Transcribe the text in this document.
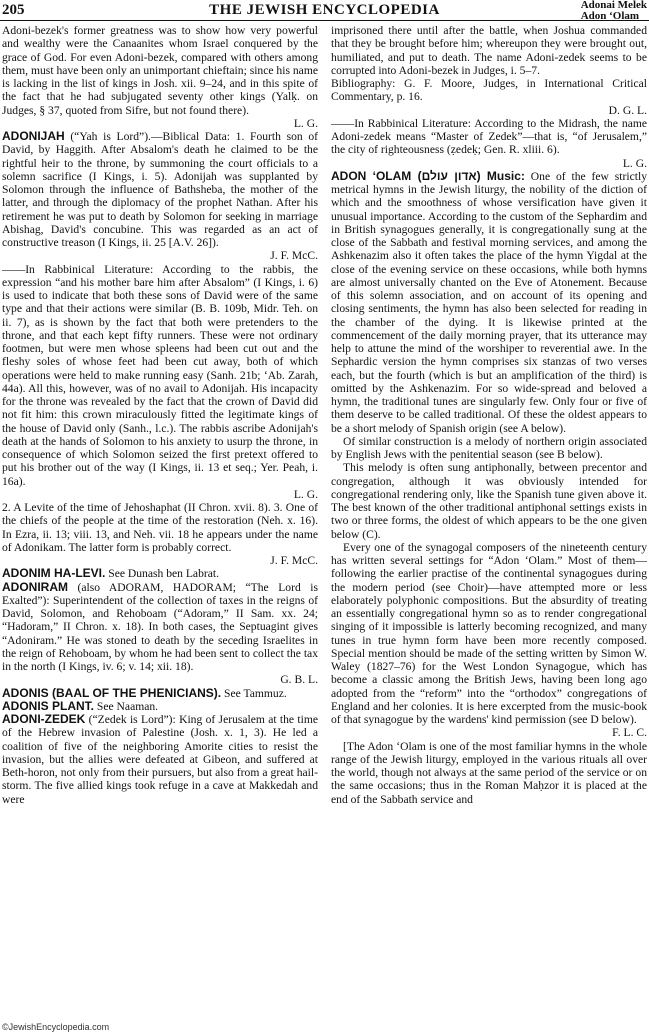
205	THE JEWISH ENCYCLOPEDIA	Adonai Melek
Adon ‘Olam

Adoni-bezek's former greatness was to show how very powerful and wealthy were the Canaanites whom Israel conquered by the grace of God. For even Adoni-bezek, compared with others among them, must have been only an unimportant chieftain; since his name is lacking in the list of kings in Josh. xii. 9–24, and in this spite of the fact that he had subjugated seventy other kings (Yalḳ. on Judges, § 37, quoted from Sifre, but not found there).

L. G.

ADONIJAH (“Yah is Lord”).—Biblical Data: 1. Fourth son of David, by Haggith. After Absalom's death he claimed to be the rightful heir to the throne, by summoning the court officials to a solemn sacrifice (I Kings, i. 5). Adonijah was supplanted by Solomon through the influence of Bathsheba, the mother of the latter, and through the diplomacy of the prophet Nathan. After his retirement he was put to death by Solomon for seeking in marriage Abishag, David's concubine. This was regarded as an act of constructive treason (I Kings, ii. 25 [A.V. 26]).

J. F. McC.

——In Rabbinical Literature: According to the rabbis, the expression “and his mother bare him after Absalom” (I Kings, i. 6) is used to indicate that both these sons of David were of the same type and that their actions were similar (B. B. 109b, Midr. Teh. on ii. 7), as is shown by the fact that both were pretenders to the throne, and that each kept fifty runners. These were not ordinary footmen, but were men whose spleens had been cut out and the fleshy soles of whose feet had been cut away, both of which operations were held to make running easy (Sanh. 21b; ‘Ab. Zarah, 44a). All this, however, was of no avail to Adonijah. His incapacity for the throne was revealed by the fact that the crown of David did not fit him: this crown miraculously fitted the legitimate kings of the house of David only (Sanh., l.c.). The rabbis ascribe Adonijah's death at the hands of Solomon to his anxiety to usurp the throne, in consequence of which Solomon seized the first pretext offered to put his brother out of the way (I Kings, ii. 13 et seq.; Yer. Peah, i. 16a).

L. G.

2. A Levite of the time of Jehoshaphat (II Chron. xvii. 8). 3. One of the chiefs of the people at the time of the restoration (Neh. x. 16). In Ezra, ii. 13; viii. 13, and Neh. vii. 18 he appears under the name of Adonikam. The latter form is probably correct.

J. F. McC.

ADONIM HA-LEVI. See Dunash ben Labrat.

ADONIRAM (also ADORAM, HADORAM; “The Lord is Exalted”): Superintendent of the collection of taxes in the reigns of David, Solomon, and Rehoboam (“Adoram,” II Sam. xx. 24; “Hadoram,” II Chron. x. 18). In both cases, the Septuagint gives “Adoniram.” He was stoned to death by the seceding Israelites in the reign of Rehoboam, by whom he had been sent to collect the tax in the north (I Kings, iv. 6; v. 14; xii. 18).

G. B. L.

ADONIS (BAAL OF THE PHENICIANS). See Tammuz.

ADONIS PLANT. See Naaman.

ADONI-ZEDEK (“Zedek is Lord”): King of Jerusalem at the time of the Hebrew invasion of Palestine (Josh. x. 1, 3). He led a coalition of five of the neighboring Amorite cities to resist the invasion, but the allies were defeated at Gibeon, and suffered at Beth-horon, not only from their pursuers, but also from a great hail-storm. The five allied kings took refuge in a cave at Makkedah and were

imprisoned there until after the battle, when Joshua commanded that they be brought before him; whereupon they were brought out, humiliated, and put to death. The name Adoni-zedek seems to be corrupted into Adoni-bezek in Judges, i. 5–7.

Bibliography: G. F. Moore, Judges, in International Critical Commentary, p. 16.

D. G. L.

——In Rabbinical Literature: According to the Midrash, the name Adoni-zedek means “Master of Zedek”—that is, “of Jerusalem,” the city of righteousness (ẓedeḳ; Gen. R. xliii. 6).

L. G.

ADON ‘OLAM (אדון עולם) Music: One of the few strictly metrical hymns in the Jewish liturgy, the nobility of the diction of which and the smoothness of whose versification have given it unusual importance. According to the custom of the Sephardim and in British synagogues generally, it is congregationally sung at the close of the Sabbath and festival morning services, and among the Ashkenazim also it often takes the place of the hymn Yigdal at the close of the evening service on these occasions, while both hymns are almost universally chanted on the Eve of Atonement. Because of this solemn association, and on account of its opening and closing sentiments, the hymn has also been selected for reading in the chamber of the dying. It is likewise printed at the commencement of the daily morning prayer, that its utterance may help to attune the mind of the worshiper to reverential awe. In the Sephardic version the hymn comprises six stanzas of two verses each, but the fourth (which is but an amplification of the third) is omitted by the Ashkenazim. For so wide-spread and beloved a hymn, the traditional tunes are singularly few. Only four or five of them deserve to be called traditional. Of these the oldest appears to be a short melody of Spanish origin (see A below).

Of similar construction is a melody of northern origin associated by English Jews with the penitential season (see B below).

This melody is often sung antiphonally, between precentor and congregation, although it was obviously intended for congregational rendering only, like the Spanish tune given above it. The best known of the other traditional antiphonal settings exists in two or three forms, the oldest of which appears to be the one given below (C).

Every one of the synagogal composers of the nineteenth century has written several settings for “Adon ‘Olam.” Most of them—following the earlier practise of the continental synagogues during the modern period (see Choir)—have attempted more or less elaborately polyphonic compositions. But the absurdity of treating an essentially congregational hymn so as to render congregational singing of it impossible is latterly becoming recognized, and many tunes in true hymn form have been more recently composed. Special mention should be made of the setting written by Simon W. Waley (1827–76) for the West London Synagogue, which has become a classic among the British Jews, having been long ago adopted from the “reform” into the “orthodox” congregations of England and her colonies. It is here excerpted from the music-book of that synagogue by the wardens' kind permission (see D below).

F. L. C.

[The Adon ‘Olam is one of the most familiar hymns in the whole range of the Jewish liturgy, employed in the various rituals all over the world, though not always at the same period of the service or on the same occasions; thus in the Roman Maḥzor it is placed at the end of the Sabbath service and

©JewishEncyclopedia.com
